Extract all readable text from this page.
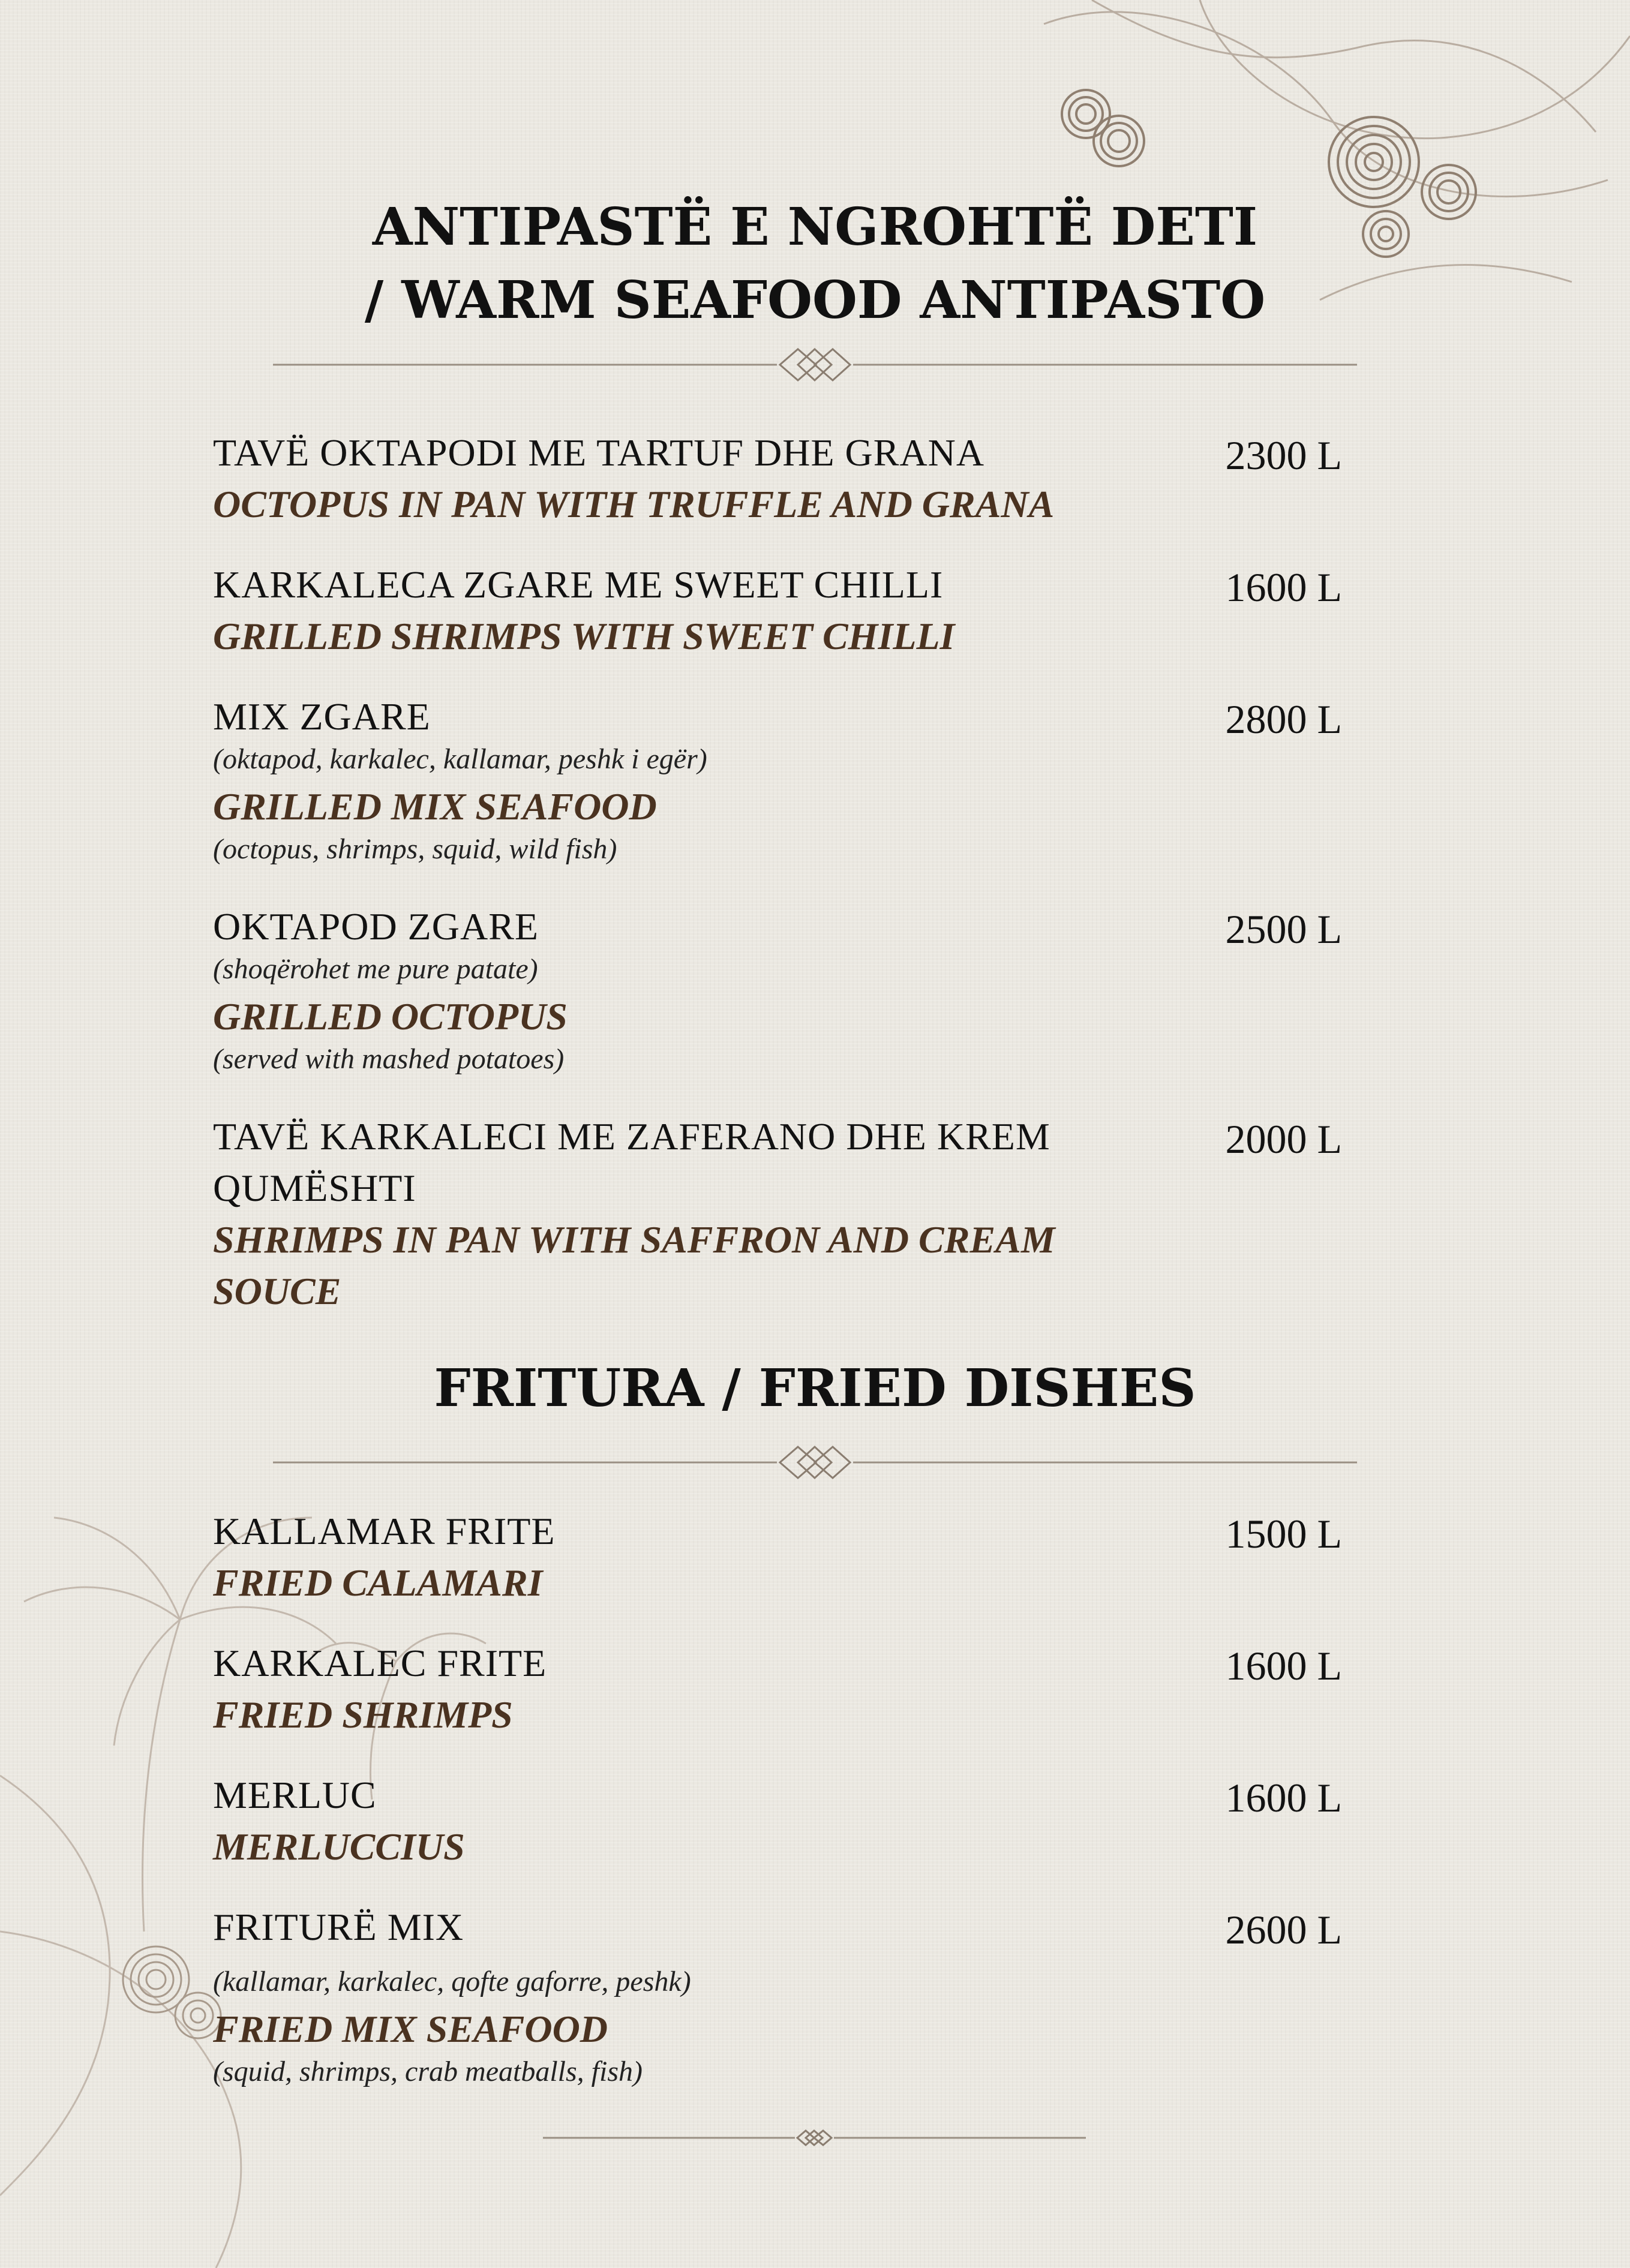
ANTIPASTË E NGROHTË DETI
/ WARM SEAFOOD ANTIPASTO

TAVË OKTAPODI ME TARTUF DHE GRANA	2300 L

OCTOPUS IN PAN WITH TRUFFLE AND GRANA

KARKALECA ZGARE ME SWEET CHILLI	1600 L

GRILLED SHRIMPS WITH SWEET CHILLI

MIX ZGARE	2800 L

(oktapod, karkalec, kallamar, peshk i egër)

GRILLED MIX SEAFOOD

(octopus, shrimps, squid, wild fish)

OKTAPOD ZGARE	2500 L

(shoqërohet me pure patate)

GRILLED OCTOPUS

(served with mashed potatoes)

TAVË KARKALECI ME ZAFERANO DHE KREM	2000 L

QUMËSHTI

SHRIMPS IN PAN WITH SAFFRON AND CREAM

SOUCE

FRITURA / FRIED DISHES

KALLAMAR FRITE	1500 L

FRIED CALAMARI

KARKALEC FRITE	1600 L

FRIED SHRIMPS

MERLUC	1600 L

MERLUCCIUS

FRITURË MIX	2600 L

(kallamar, karkalec, qofte gaforre, peshk)

FRIED MIX SEAFOOD

(squid, shrimps, crab meatballs, fish)
